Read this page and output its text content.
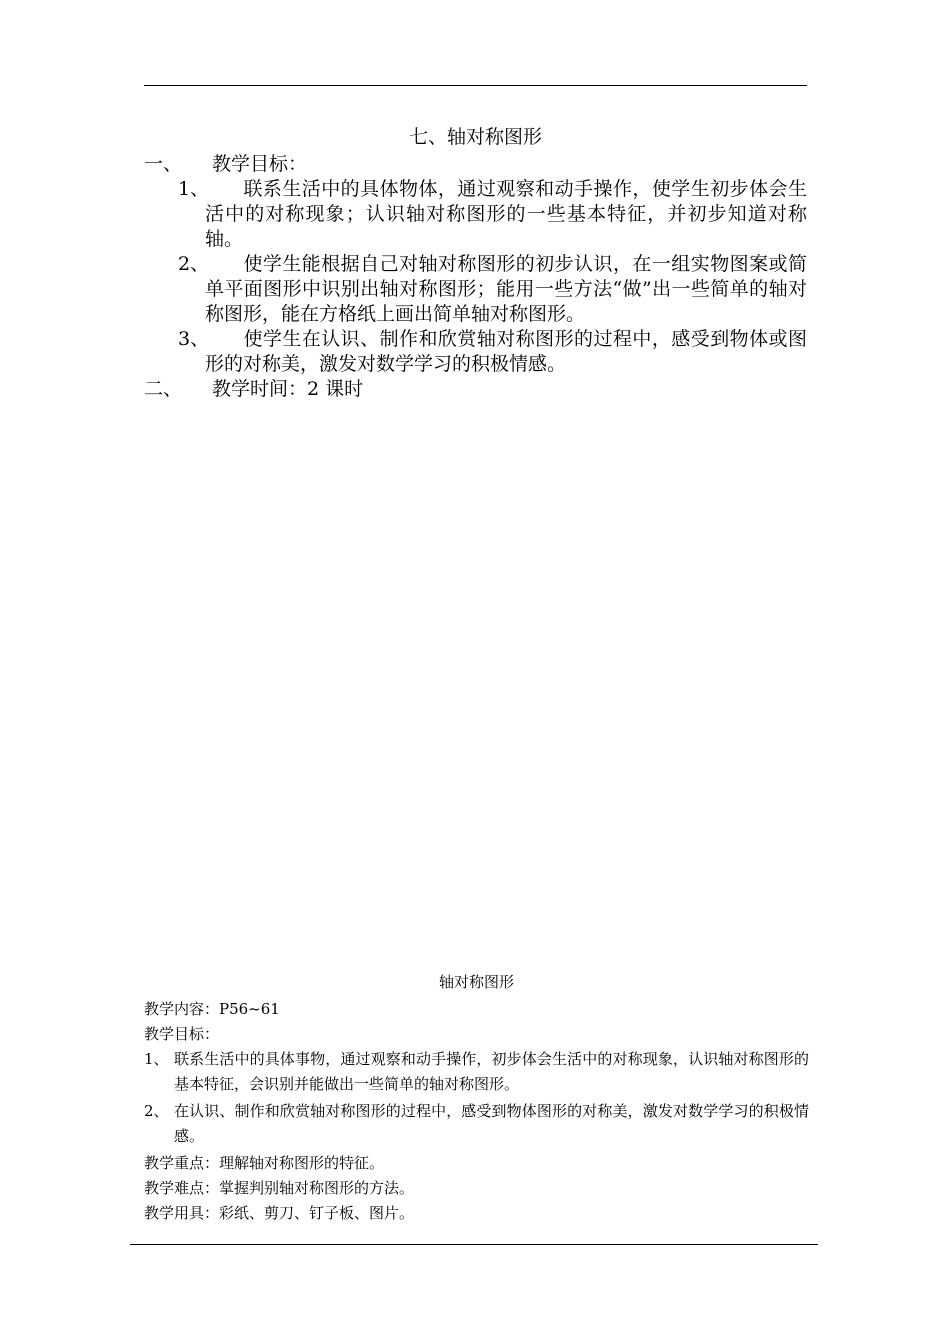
七、轴对称图形
一、 教学目标：
1、	联系生活中的具体物体，通过观察和动手操作，使学生初步体会生活中的对称现象；认识轴对称图形的一些基本特征，并初步知道对称轴。
2、	使学生能根据自己对轴对称图形的初步认识，在一组实物图案或简单平面图形中识别出轴对称图形；能用一些方法“做”出一些简单的轴对称图形，能在方格纸上画出简单轴对称图形。
3、	使学生在认识、制作和欣赏轴对称图形的过程中，感受到物体或图形的对称美，激发对数学学习的积极情感。
二、 教学时间：2 课时
轴对称图形

教学内容：P56~61

教学目标：

1、 联系生活中的具体事物，通过观察和动手操作，初步体会生活中的对称现象，认识轴对称图形的基本特征，会识别并能做出一些简单的轴对称图形。
2、 在认识、制作和欣赏轴对称图形的过程中，感受到物体图形的对称美，激发对数学学习的积极情感。

教学重点：理解轴对称图形的特征。

教学难点：掌握判别轴对称图形的方法。

教学用具：彩纸、剪刀、钉子板、图片。
